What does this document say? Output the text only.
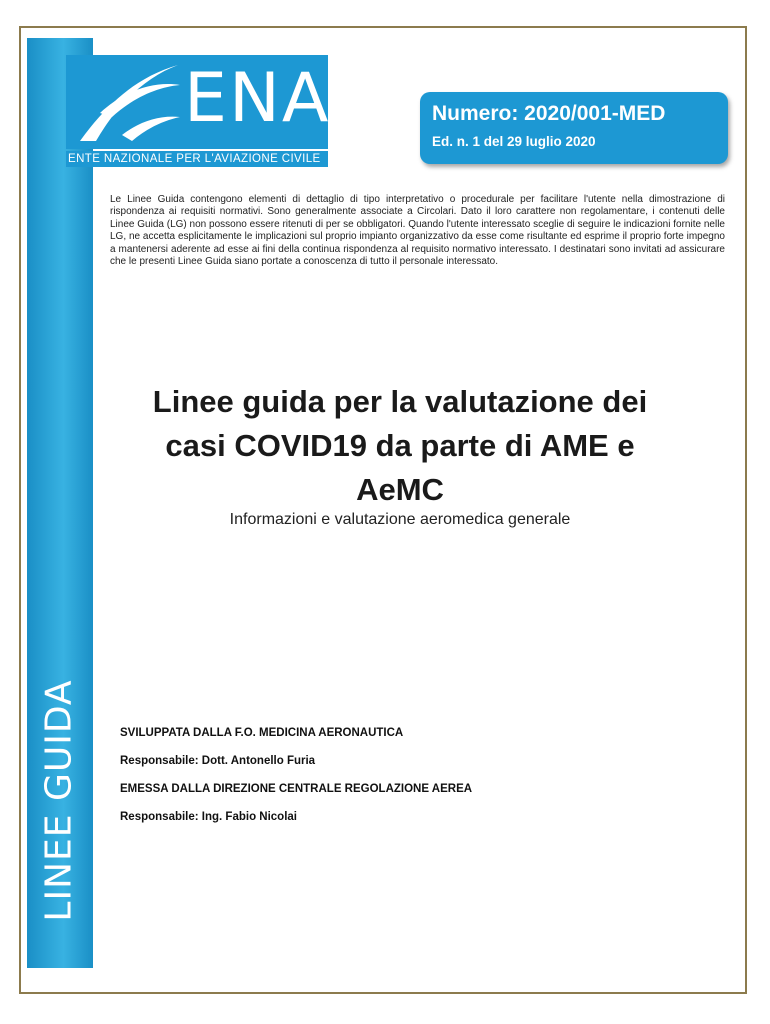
LINEE GUIDA
ENAC
ENTE NAZIONALE PER L'AVIAZIONE CIVILE
Numero: 2020/001-MED
Ed. n. 1 del 29 luglio 2020
Le Linee Guida contengono elementi di dettaglio di tipo interpretativo o procedurale per facilitare l'utente nella dimostrazione di rispondenza ai requisiti normativi. Sono generalmente associate a Circolari. Dato il loro carattere non regolamentare, i contenuti delle Linee Guida (LG) non possono essere ritenuti di per se obbligatori. Quando l'utente interessato sceglie di seguire le indicazioni fornite nelle LG, ne accetta esplicitamente le implicazioni sul proprio impianto organizzativo da esse come risultante ed esprime il proprio forte impegno a mantenersi aderente ad esse ai fini della continua rispondenza al requisito normativo interessato. I destinatari sono invitati ad assicurare che le presenti Linee Guida siano portate a conoscenza di tutto il personale interessato.
Linee guida per la valutazione dei
casi COVID19 da parte di AME e
AeMC
Informazioni e valutazione aeromedica generale
SVILUPPATA DALLA F.O. MEDICINA AERONAUTICA
Responsabile: Dott. Antonello Furia
EMESSA DALLA DIREZIONE CENTRALE REGOLAZIONE AEREA
Responsabile: Ing. Fabio Nicolai
